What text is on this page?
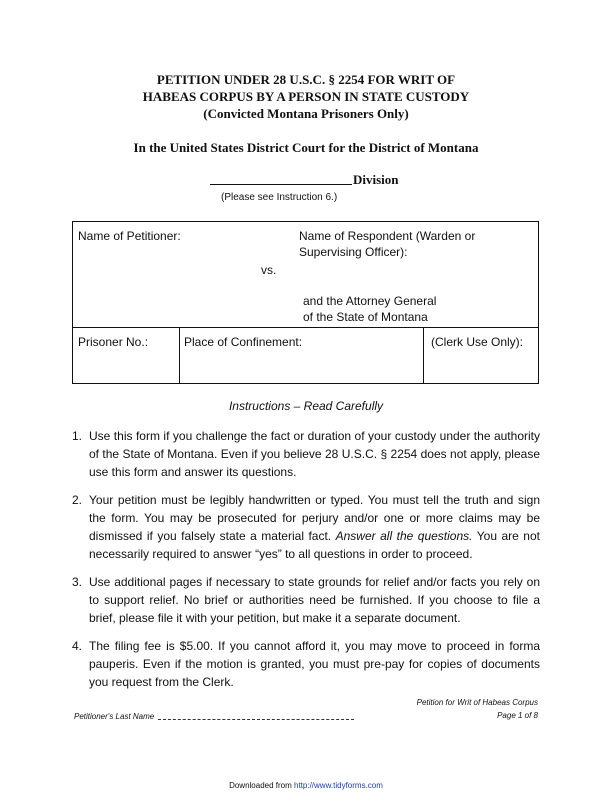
PETITION UNDER 28 U.S.C. § 2254 FOR WRIT OF
HABEAS CORPUS BY A PERSON IN STATE CUSTODY
(Convicted Montana Prisoners Only)
In the United States District Court for the District of Montana
Division
(Please see Instruction 6.)
Name of Petitioner:	Name of Respondent (Warden or
Supervising Officer):
vs.
and the Attorney General
of the State of Montana
Prisoner No.:	Place of Confinement:	(Clerk Use Only):
Instructions – Read Carefully
1. Use this form if you challenge the fact or duration of your custody under the authority of the State of Montana. Even if you believe 28 U.S.C. § 2254 does not apply, please use this form and answer its questions.
2. Your petition must be legibly handwritten or typed. You must tell the truth and sign the form. You may be prosecuted for perjury and/or one or more claims may be dismissed if you falsely state a material fact. Answer all the questions. You are not necessarily required to answer “yes” to all questions in order to proceed.
3. Use additional pages if necessary to state grounds for relief and/or facts you rely on to support relief. No brief or authorities need be furnished. If you choose to file a brief, please file it with your petition, but make it a separate document.
4. The filing fee is $5.00. If you cannot afford it, you may move to proceed in forma pauperis. Even if the motion is granted, you must pre-pay for copies of documents you request from the Clerk.
Petition for Writ of Habeas Corpus
Page 1 of 8
Petitioner's Last Name
Downloaded from http://www.tidyforms.com
